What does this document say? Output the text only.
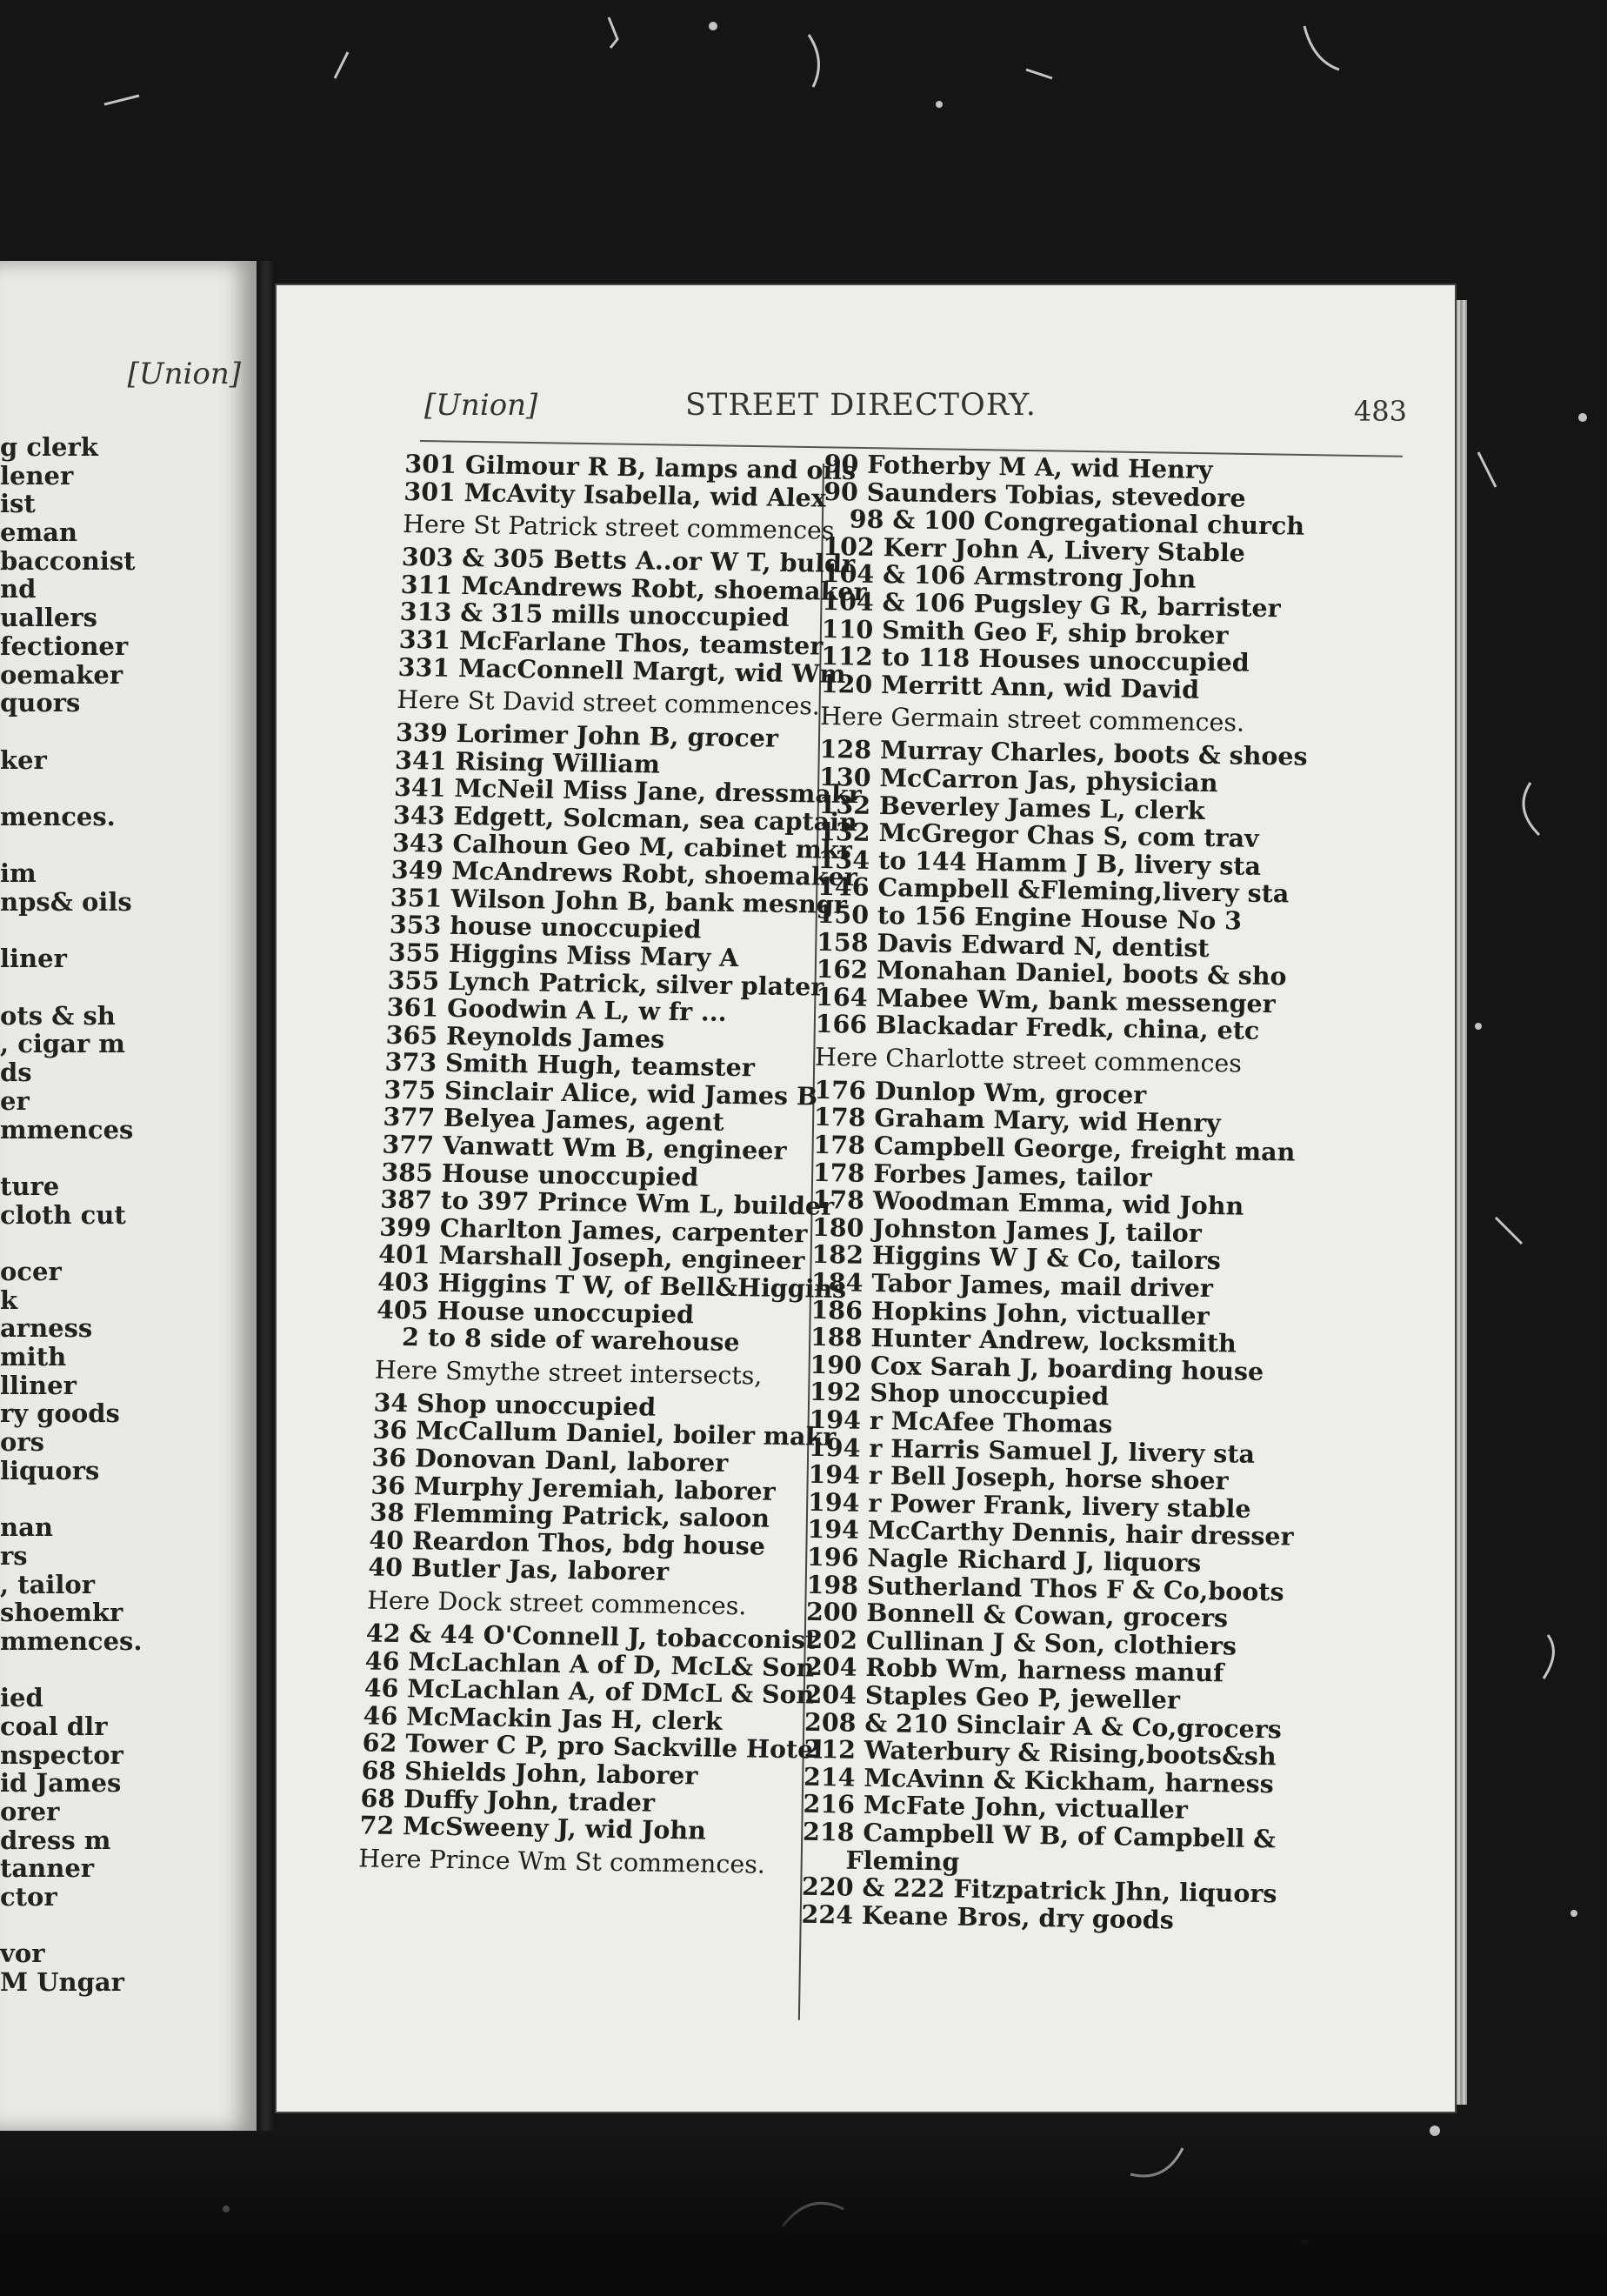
[Union]
g clerk
lener
ist
eman
bacconist
nd
uallers
fectioner
oemaker
quors
ker
mences.
im
nps& oils
liner
ots & sh
, cigar m
ds
er
mmences
ture
cloth cut
ocer
k
arness
mith
lliner
ry goods
ors
liquors
nan
rs
, tailor
shoemkr
mmences.
ied
coal dlr
nspector
id James
orer
dress m
tanner
ctor
vor
M Ungar
[Union]	STREET DIRECTORY.	483
301 Gilmour R B, lamps and oils
301 McAvity Isabella, wid Alex
Here St Patrick street commences
303 & 305 Betts A..or W T, buldr
311 McAndrews Robt, shoemaker
313 & 315 mills unoccupied
331 McFarlane Thos, teamster
331 MacConnell Margt, wid Wm
Here St David street commences.
339 Lorimer John B, grocer
341 Rising William
341 McNeil Miss Jane, dressmakr
343 Edgett, Solcman, sea captain
343 Calhoun Geo M, cabinet mkr
349 McAndrews Robt, shoemaker
351 Wilson John B, bank mesngr
353 house unoccupied
355 Higgins Miss Mary A
355 Lynch Patrick, silver plater
361 Goodwin A L, w fr ...
365 Reynolds James
373 Smith Hugh, teamster
375 Sinclair Alice, wid James B
377 Belyea James, agent
377 Vanwatt Wm B, engineer
385 House unoccupied
387 to 397 Prince Wm L, builder
399 Charlton James, carpenter
401 Marshall Joseph, engineer
403 Higgins T W, of Bell&Higgins
405 House unoccupied
2 to 8 side of warehouse
Here Smythe street intersects,
34 Shop unoccupied
36 McCallum Daniel, boiler makr
36 Donovan Danl, laborer
36 Murphy Jeremiah, laborer
38 Flemming Patrick, saloon
40 Reardon Thos, bdg house
40 Butler Jas, laborer
Here Dock street commences.
42 & 44 O'Connell J, tobacconist
46 McLachlan A of D, McL& Son
46 McLachlan A, of DMcL & Son
46 McMackin Jas H, clerk
62 Tower C P, pro Sackville Hotel
68 Shields John, laborer
68 Duffy John, trader
72 McSweeny J, wid John
Here Prince Wm St commences.
90 Fotherby M A, wid Henry
90 Saunders Tobias, stevedore
98 & 100 Congregational church
102 Kerr John A, Livery Stable
104 & 106 Armstrong John
104 & 106 Pugsley G R, barrister
110 Smith Geo F, ship broker
112 to 118 Houses unoccupied
120 Merritt Ann, wid David
Here Germain street commences.
128 Murray Charles, boots & shoes
130 McCarron Jas, physician
132 Beverley James L, clerk
132 McGregor Chas S, com trav
134 to 144 Hamm J B, livery sta
146 Campbell &Fleming,livery sta
150 to 156 Engine House No 3
158 Davis Edward N, dentist
162 Monahan Daniel, boots & sho
164 Mabee Wm, bank messenger
166 Blackadar Fredk, china, etc
Here Charlotte street commences
176 Dunlop Wm, grocer
178 Graham Mary, wid Henry
178 Campbell George, freight man
178 Forbes James, tailor
178 Woodman Emma, wid John
180 Johnston James J, tailor
182 Higgins W J & Co, tailors
184 Tabor James, mail driver
186 Hopkins John, victualler
188 Hunter Andrew, locksmith
190 Cox Sarah J, boarding house
192 Shop unoccupied
194 r McAfee Thomas
194 r Harris Samuel J, livery sta
194 r Bell Joseph, horse shoer
194 r Power Frank, livery stable
194 McCarthy Dennis, hair dresser
196 Nagle Richard J, liquors
198 Sutherland Thos F & Co,boots
200 Bonnell & Cowan, grocers
202 Cullinan J & Son, clothiers
204 Robb Wm, harness manuf
204 Staples Geo P, jeweller
208 & 210 Sinclair A & Co,grocers
212 Waterbury & Rising,boots&sh
214 McAvinn & Kickham, harness
216 McFate John, victualler
218 Campbell W B, of Campbell &
Fleming
220 & 222 Fitzpatrick Jhn, liquors
224 Keane Bros, dry goods
